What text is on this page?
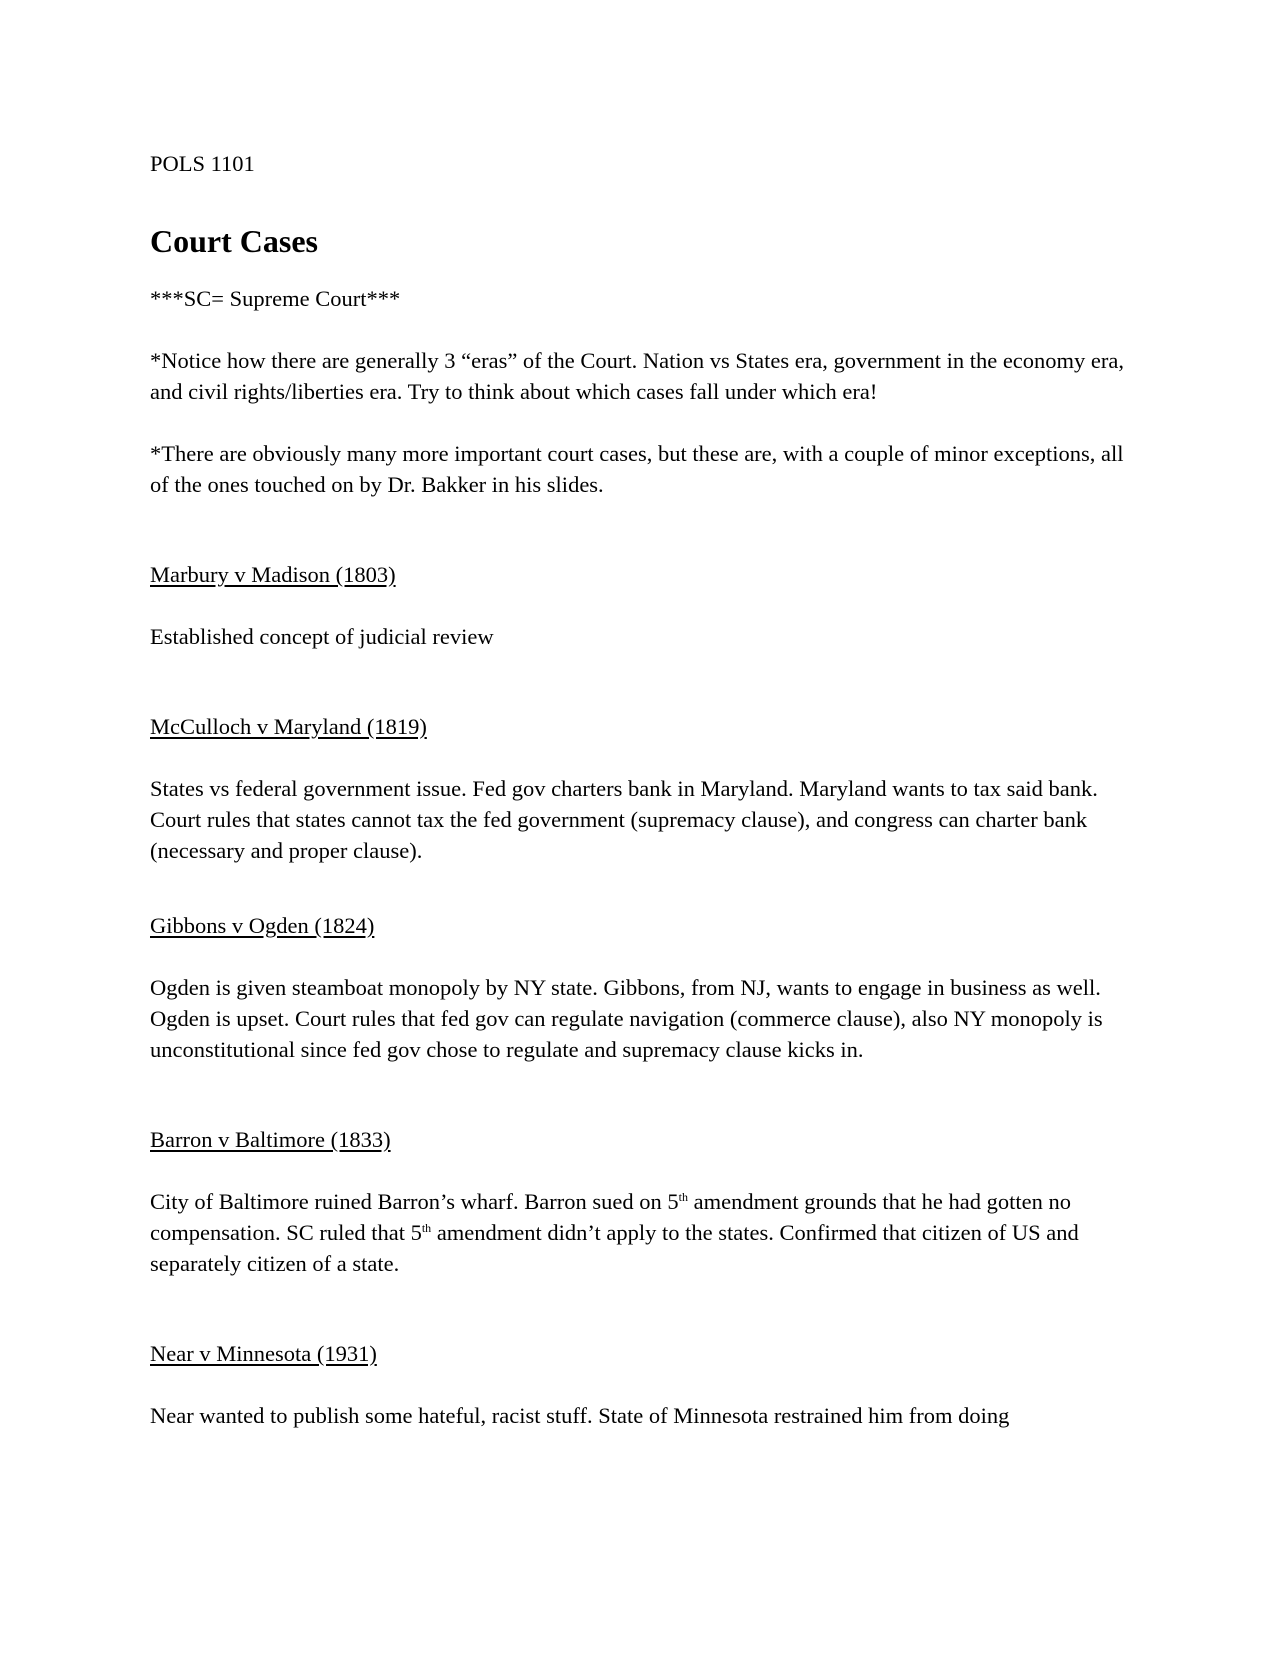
POLS 1101

Court Cases

***SC= Supreme Court***

*Notice how there are generally 3 “eras” of the Court. Nation vs States era, government in the economy era, and civil rights/liberties era. Try to think about which cases fall under which era!

*There are obviously many more important court cases, but these are, with a couple of minor exceptions, all of the ones touched on by Dr. Bakker in his slides.

Marbury v Madison (1803)

Established concept of judicial review

McCulloch v Maryland (1819)

States vs federal government issue. Fed gov charters bank in Maryland. Maryland wants to tax said bank. Court rules that states cannot tax the fed government (supremacy clause), and congress can charter bank (necessary and proper clause).

Gibbons v Ogden (1824)

Ogden is given steamboat monopoly by NY state. Gibbons, from NJ, wants to engage in business as well. Ogden is upset. Court rules that fed gov can regulate navigation (commerce clause), also NY monopoly is unconstitutional since fed gov chose to regulate and supremacy clause kicks in.

Barron v Baltimore (1833)

City of Baltimore ruined Barron’s wharf. Barron sued on 5th amendment grounds that he had gotten no compensation. SC ruled that 5th amendment didn’t apply to the states. Confirmed that citizen of US and separately citizen of a state.

Near v Minnesota (1931)

Near wanted to publish some hateful, racist stuff. State of Minnesota restrained him from doing
